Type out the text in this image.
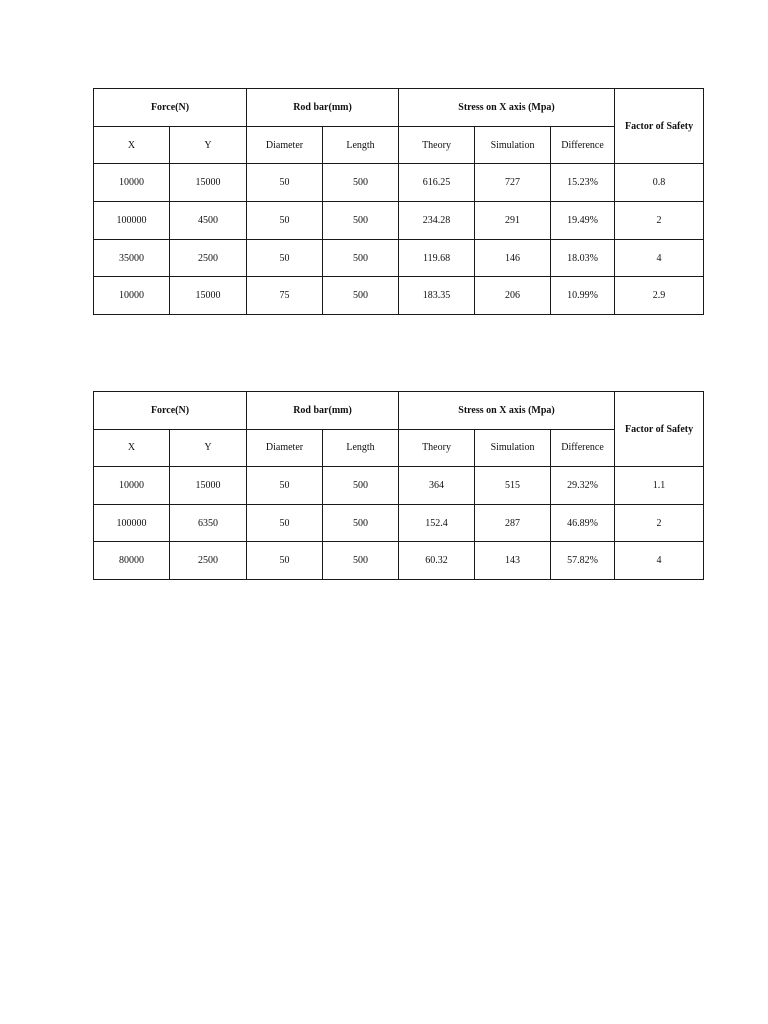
Force(N)		Rod bar(mm)		Stress on X axis (Mpa)			Factor of Safety
X	Y	Diameter	Length	Theory	Simulation	Difference	
10000	15000	50	500	616.25	727	15.23%	0.8
100000	4500	50	500	234.28	291	19.49%	2
35000	2500	50	500	119.68	146	18.03%	4
10000	15000	75	500	183.35	206	10.99%	2.9
Force(N)		Rod bar(mm)		Stress on X axis (Mpa)			Factor of Safety
X	Y	Diameter	Length	Theory	Simulation	Difference	
10000	15000	50	500	364	515	29.32%	1.1
100000	6350	50	500	152.4	287	46.89%	2
80000	2500	50	500	60.32	143	57.82%	4
